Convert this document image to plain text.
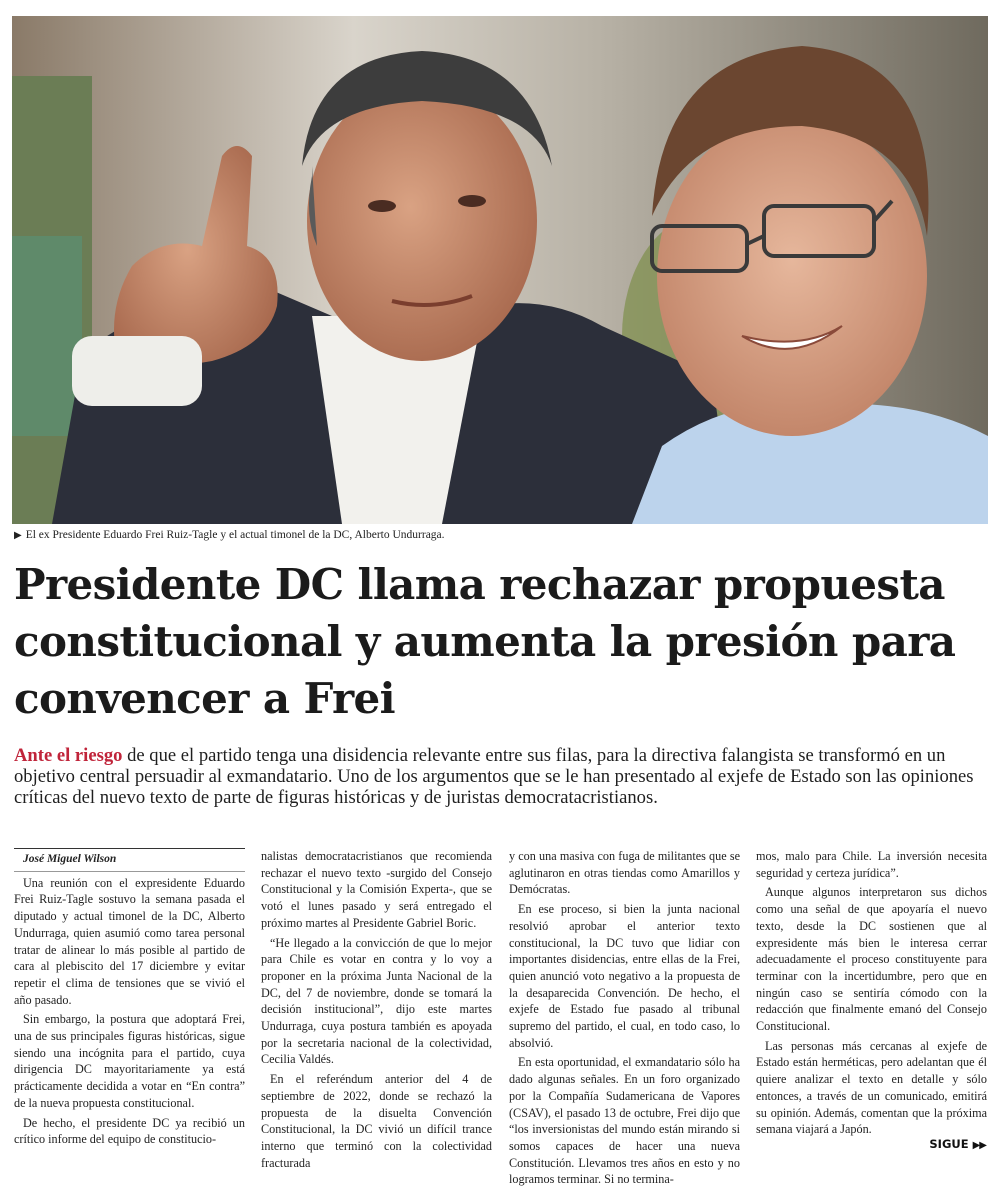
▶ El ex Presidente Eduardo Frei Ruiz-Tagle y el actual timonel de la DC, Alberto Undurraga.
Presidente DC llama rechazar propuesta constitucional y aumenta la presión para convencer a Frei

Ante el riesgo de que el partido tenga una disidencia relevante entre sus filas, para la directiva falangista se transformó en un objetivo central persuadir al exmandatario. Uno de los argumentos que se le han presentado al exjefe de Estado son las opiniones críticas del nuevo texto de parte de figuras históricas y de juristas democratacristianos.

José Miguel Wilson

Una reunión con el expresidente Eduardo Frei Ruiz-Tagle sostuvo la semana pasada el diputado y actual timonel de la DC, Alberto Undurraga, quien asumió como tarea personal tratar de alinear lo más posible al partido de cara al plebiscito del 17 diciembre y evitar repetir el clima de tensiones que se vivió el año pasado.

Sin embargo, la postura que adoptará Frei, una de sus principales figuras históricas, sigue siendo una incógnita para el partido, cuya dirigencia DC mayoritariamente ya está prácticamente decidida a votar en “En contra” de la nueva propuesta constitucional.

De hecho, el presidente DC ya recibió un crítico informe del equipo de constitucio-

nalistas democratacristianos que recomienda rechazar el nuevo texto -surgido del Consejo Constitucional y la Comisión Experta-, que se votó el lunes pasado y será entregado el próximo martes al Presidente Gabriel Boric.

“He llegado a la convicción de que lo mejor para Chile es votar en contra y lo voy a proponer en la próxima Junta Nacional de la DC, del 7 de noviembre, donde se tomará la decisión institucional”, dijo este martes Undurraga, cuya postura también es apoyada por la secretaria nacional de la colectividad, Cecilia Valdés.

En el referéndum anterior del 4 de septiembre de 2022, donde se rechazó la propuesta de la disuelta Convención Constitucional, la DC vivió un difícil trance interno que terminó con la colectividad fracturada

y con una masiva con fuga de militantes que se aglutinaron en otras tiendas como Amarillos y Demócratas.

En ese proceso, si bien la junta nacional resolvió aprobar el anterior texto constitucional, la DC tuvo que lidiar con importantes disidencias, entre ellas de la Frei, quien anunció voto negativo a la propuesta de la desaparecida Convención. De hecho, el exjefe de Estado fue pasado al tribunal supremo del partido, el cual, en todo caso, lo absolvió.

En esta oportunidad, el exmandatario sólo ha dado algunas señales. En un foro organizado por la Compañía Sudamericana de Vapores (CSAV), el pasado 13 de octubre, Frei dijo que “los inversionistas del mundo están mirando si somos capaces de hacer una nueva Constitución. Llevamos tres años en esto y no logramos terminar. Si no termina-

mos, malo para Chile. La inversión necesita seguridad y certeza jurídica”.

Aunque algunos interpretaron sus dichos como una señal de que apoyaría el nuevo texto, desde la DC sostienen que al expresidente más bien le interesa cerrar adecuadamente el proceso constituyente para terminar con la incertidumbre, pero que en ningún caso se sentiría cómodo con la redacción que finalmente emanó del Consejo Constitucional.

Las personas más cercanas al exjefe de Estado están herméticas, pero adelantan que él quiere analizar el texto en detalle y sólo entonces, a través de un comunicado, emitirá su opinión. Además, comentan que la próxima semana viajará a Japón.

SIGUE ▶▶
